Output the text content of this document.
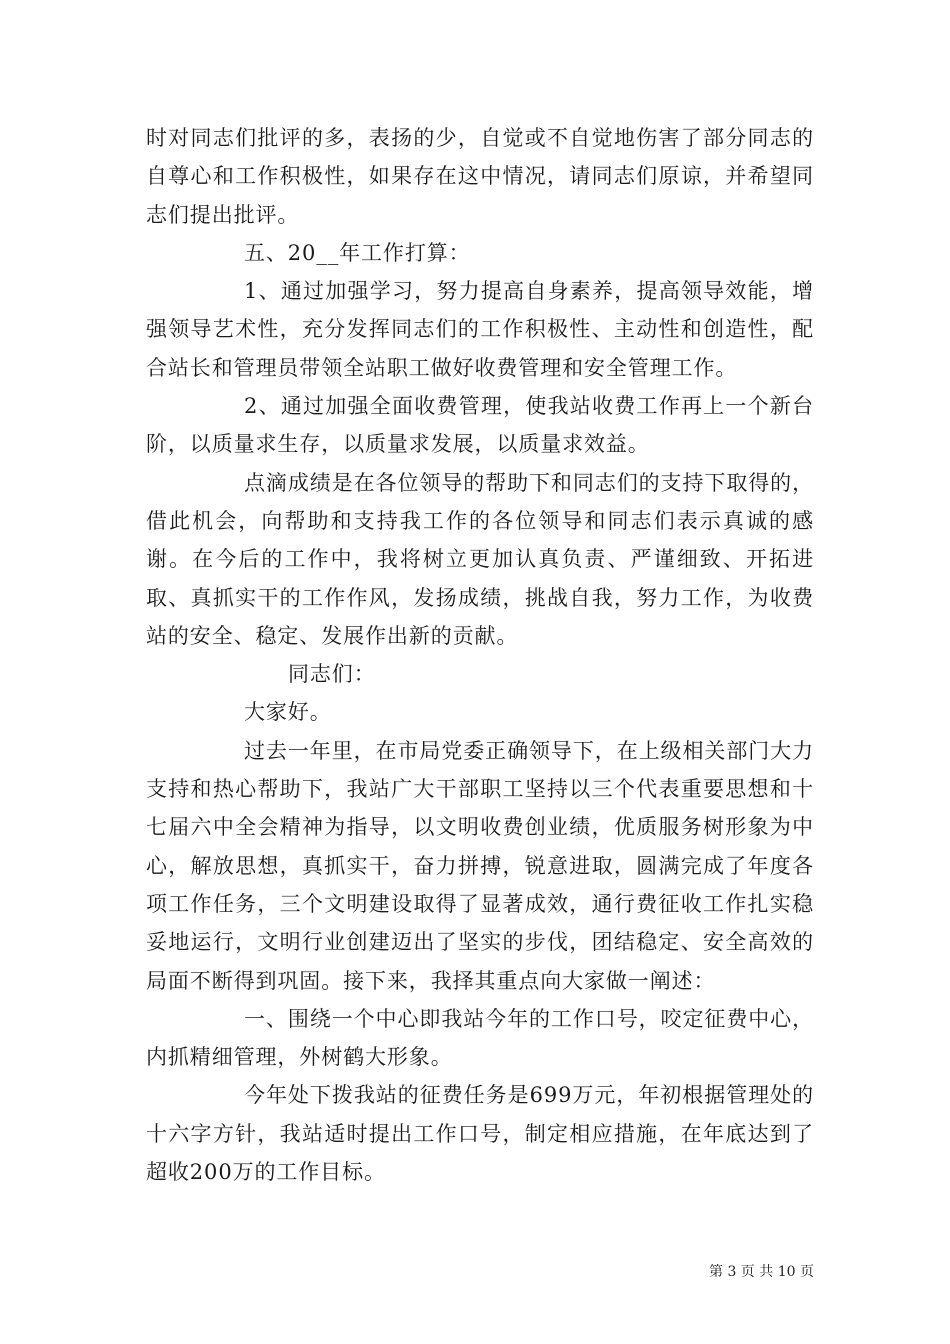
时对同志们批评的多，表扬的少，自觉或不自觉地伤害了部分同志的自尊心和工作积极性，如果存在这中情况，请同志们原谅，并希望同志们提出批评。

五、20__年工作打算：

1、通过加强学习，努力提高自身素养，提高领导效能，增强领导艺术性，充分发挥同志们的工作积极性、主动性和创造性，配合站长和管理员带领全站职工做好收费管理和安全管理工作。

2、通过加强全面收费管理，使我站收费工作再上一个新台阶，以质量求生存，以质量求发展，以质量求效益。

点滴成绩是在各位领导的帮助下和同志们的支持下取得的，借此机会，向帮助和支持我工作的各位领导和同志们表示真诚的感谢。在今后的工作中，我将树立更加认真负责、严谨细致、开拓进取、真抓实干的工作作风，发扬成绩，挑战自我，努力工作，为收费站的安全、稳定、发展作出新的贡献。

同志们：

大家好。

过去一年里，在市局党委正确领导下，在上级相关部门大力支持和热心帮助下，我站广大干部职工坚持以三个代表重要思想和十七届六中全会精神为指导，以文明收费创业绩，优质服务树形象为中心，解放思想，真抓实干，奋力拼搏，锐意进取，圆满完成了年度各项工作任务，三个文明建设取得了显著成效，通行费征收工作扎实稳妥地运行，文明行业创建迈出了坚实的步伐，团结稳定、安全高效的局面不断得到巩固。接下来，我择其重点向大家做一阐述：

一、围绕一个中心即我站今年的工作口号，咬定征费中心，内抓精细管理，外树鹤大形象。

今年处下拨我站的征费任务是699万元，年初根据管理处的十六字方针，我站适时提出工作口号，制定相应措施，在年底达到了超收200万的工作目标。

第 3 页 共 10 页
